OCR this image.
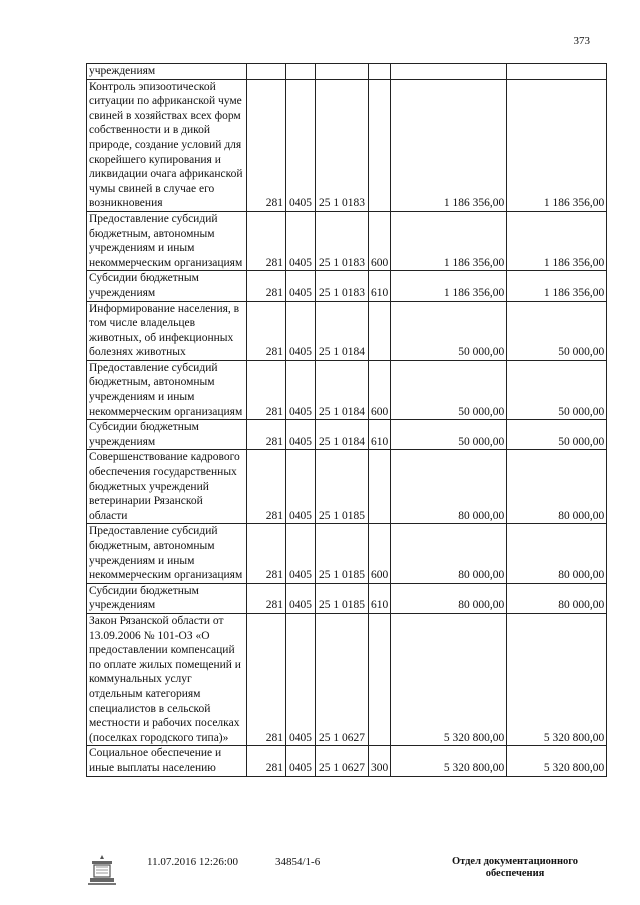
373
учреждениям						
Контроль эпизоотической ситуации по африканской чуме свиней в хозяйствах всех форм собственности и в дикой природе, создание условий для скорейшего купирования и ликвидации очага африканской чумы свиней в случае его возникновения	281	0405	25 1 0183		1 186 356,00	1 186 356,00
Предоставление субсидий бюджетным, автономным учреждениям и иным некоммерческим организациям	281	0405	25 1 0183	600	1 186 356,00	1 186 356,00
Субсидии бюджетным учреждениям	281	0405	25 1 0183	610	1 186 356,00	1 186 356,00
Информирование населения, в том числе владельцев животных, об инфекционных болезнях животных	281	0405	25 1 0184		50 000,00	50 000,00
Предоставление субсидий бюджетным, автономным учреждениям и иным некоммерческим организациям	281	0405	25 1 0184	600	50 000,00	50 000,00
Субсидии бюджетным учреждениям	281	0405	25 1 0184	610	50 000,00	50 000,00
Совершенствование кадрового обеспечения государственных бюджетных учреждений ветеринарии Рязанской области	281	0405	25 1 0185		80 000,00	80 000,00
Предоставление субсидий бюджетным, автономным учреждениям и иным некоммерческим организациям	281	0405	25 1 0185	600	80 000,00	80 000,00
Субсидии бюджетным учреждениям	281	0405	25 1 0185	610	80 000,00	80 000,00
Закон Рязанской области от 13.09.2006 № 101-ОЗ «О предоставлении компенсаций по оплате жилых помещений и коммунальных услуг отдельным категориям специалистов в сельской местности и рабочих поселках (поселках городского типа)»	281	0405	25 1 0627		5 320 800,00	5 320 800,00
Социальное обеспечение и иные выплаты населению	281	0405	25 1 0627	300	5 320 800,00	5 320 800,00
11.07.2016 12:26:00	34854/1-6	Отдел документационного
обеспечения
